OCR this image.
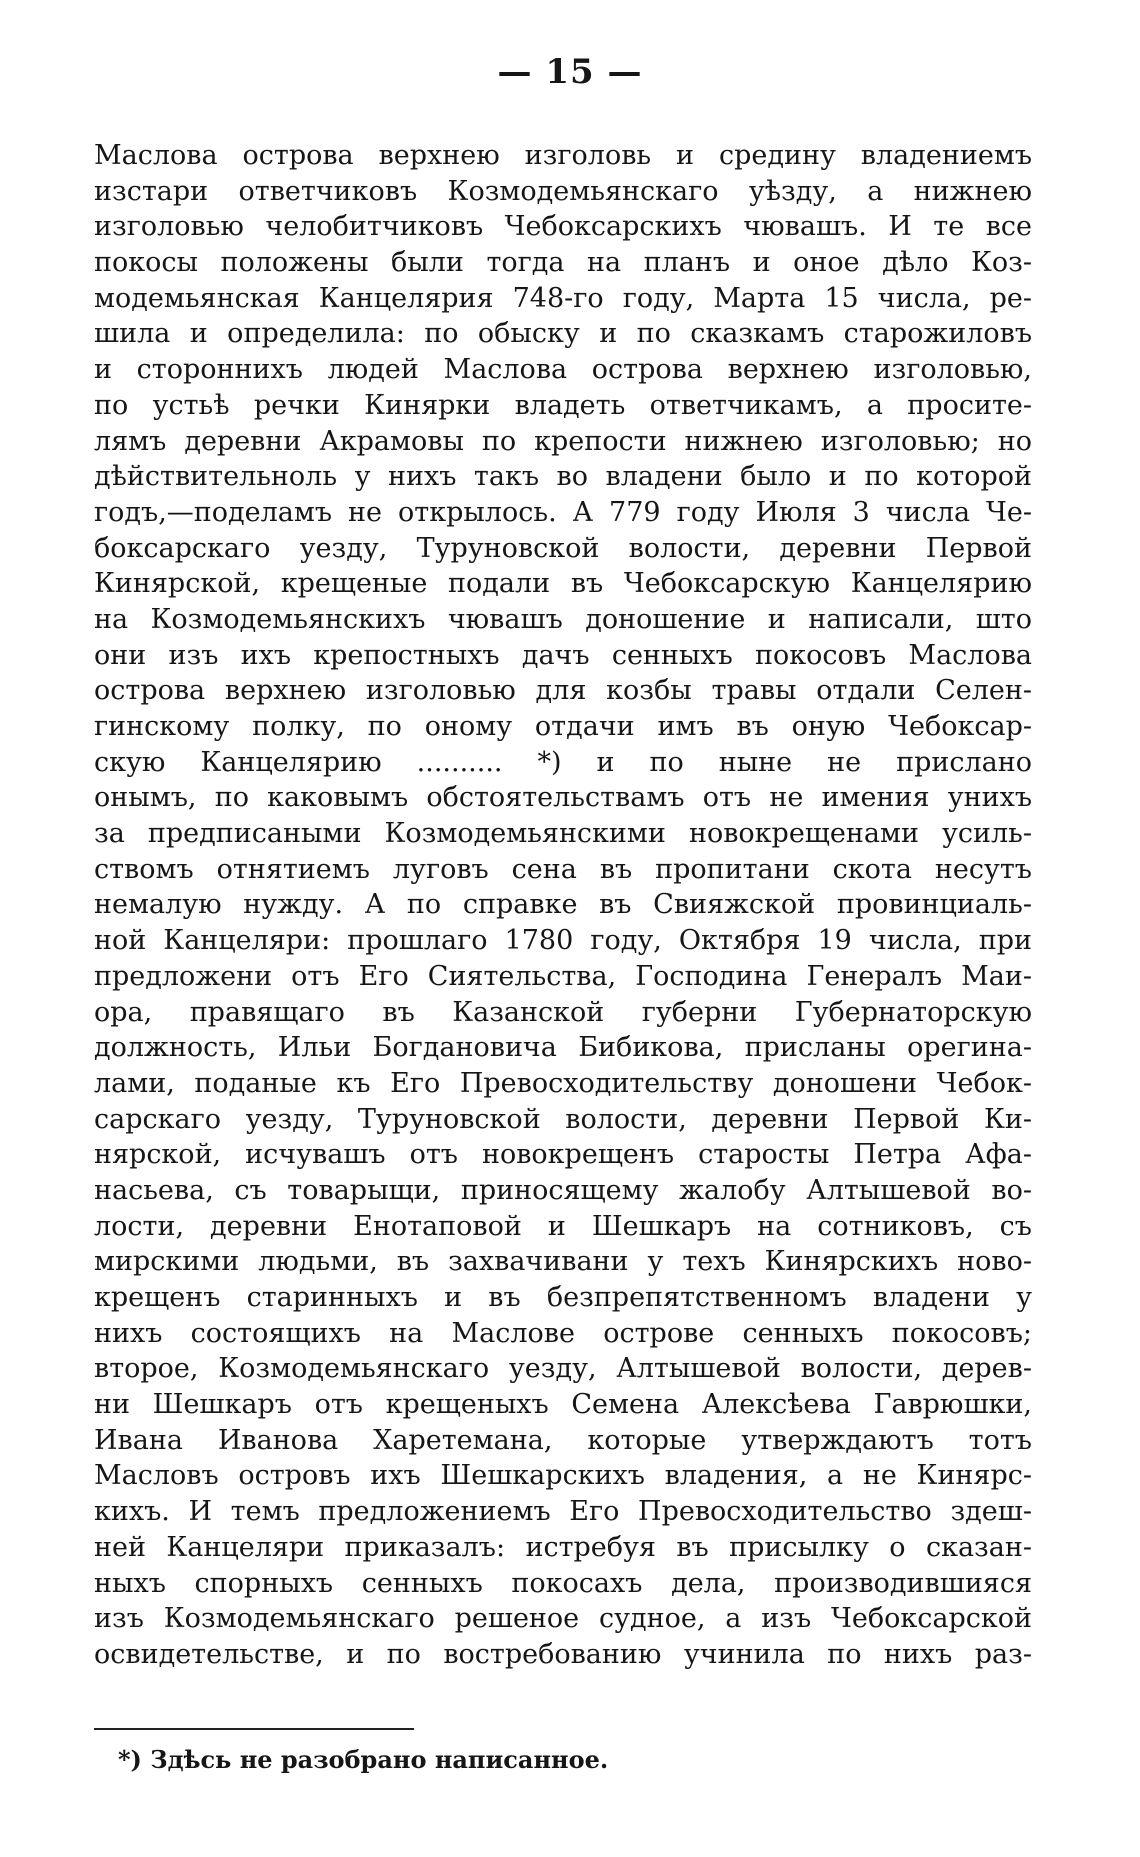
— 15 —
Маслова острова верхнею изголовь и средину владениемъ
изстари ответчиковъ Козмодемьянскаго уѣзду, а нижнею
изголовью челобитчиковъ Чебоксарскихъ чювашъ. И те все
покосы положены были тогда на планъ и оное дѣло Коз-
модемьянская Канцелярия 748-го году, Марта 15 числа, ре-
шила и определила: по обыску и по сказкамъ старожиловъ
и стороннихъ людей Маслова острова верхнею изголовью,
по устьѣ речки Кинярки владеть ответчикамъ, а просите-
лямъ деревни Акрамовы по крепости нижнею изголовью; но
дѣйствительноль у нихъ такъ во владени было и по которой
годъ,—поделамъ не открылось. А 779 году Июля 3 числа Че-
боксарскаго уезду, Туруновской волости, деревни Первой
Кинярской, крещеные подали въ Чебоксарскую Канцелярию
на Козмодемьянскихъ чювашъ доношение и написали, што
они изъ ихъ крепостныхъ дачъ сенныхъ покосовъ Маслова
острова верхнею изголовью для козбы травы отдали Селен-
гинскому полку, по оному отдачи имъ въ оную Чебоксар-
скую Канцелярию .......... *) и по ныне не прислано
онымъ, по каковымъ обстоятельствамъ отъ не имения унихъ
за предписаными Козмодемьянскими новокрещенами усиль-
ствомъ отнятиемъ луговъ сена въ пропитани скота несутъ
немалую нужду. А по справке въ Свияжской провинциаль-
ной Канцеляри: прошлаго 1780 году, Октября 19 числа, при
предложени отъ Его Сиятельства, Господина Генералъ Маи-
ора, правящаго въ Казанской губерни Губернаторскую
должность, Ильи Богдановича Бибикова, присланы орегина-
лами, поданые къ Его Превосходительству доношени Чебок-
сарскаго уезду, Туруновской волости, деревни Первой Ки-
нярской, исчувашъ отъ новокрещенъ старосты Петра Афа-
насьева, съ товарыщи, приносящему жалобу Алтышевой во-
лости, деревни Енотаповой и Шешкаръ на сотниковъ, съ
мирскими людьми, въ захвачивани у техъ Кинярскихъ ново-
крещенъ старинныхъ и въ безпрепятственномъ владени у
нихъ состоящихъ на Маслове острове сенныхъ покосовъ;
второе, Козмодемьянскаго уезду, Алтышевой волости, дерев-
ни Шешкаръ отъ крещеныхъ Семена Алексѣева Гаврюшки,
Ивана Иванова Харетемана, которые утверждаютъ тотъ
Масловъ островъ ихъ Шешкарскихъ владения, а не Кинярс-
кихъ. И темъ предложениемъ Его Превосходительство здеш-
ней Канцеляри приказалъ: истребуя въ присылку о сказан-
ныхъ спорныхъ сенныхъ покосахъ дела, производившияся
изъ Козмодемьянскаго решеное судное, а изъ Чебоксарской
освидетельстве, и по востребованию учинила по нихъ раз-
*) Здѣсь не разобрано написанное.
